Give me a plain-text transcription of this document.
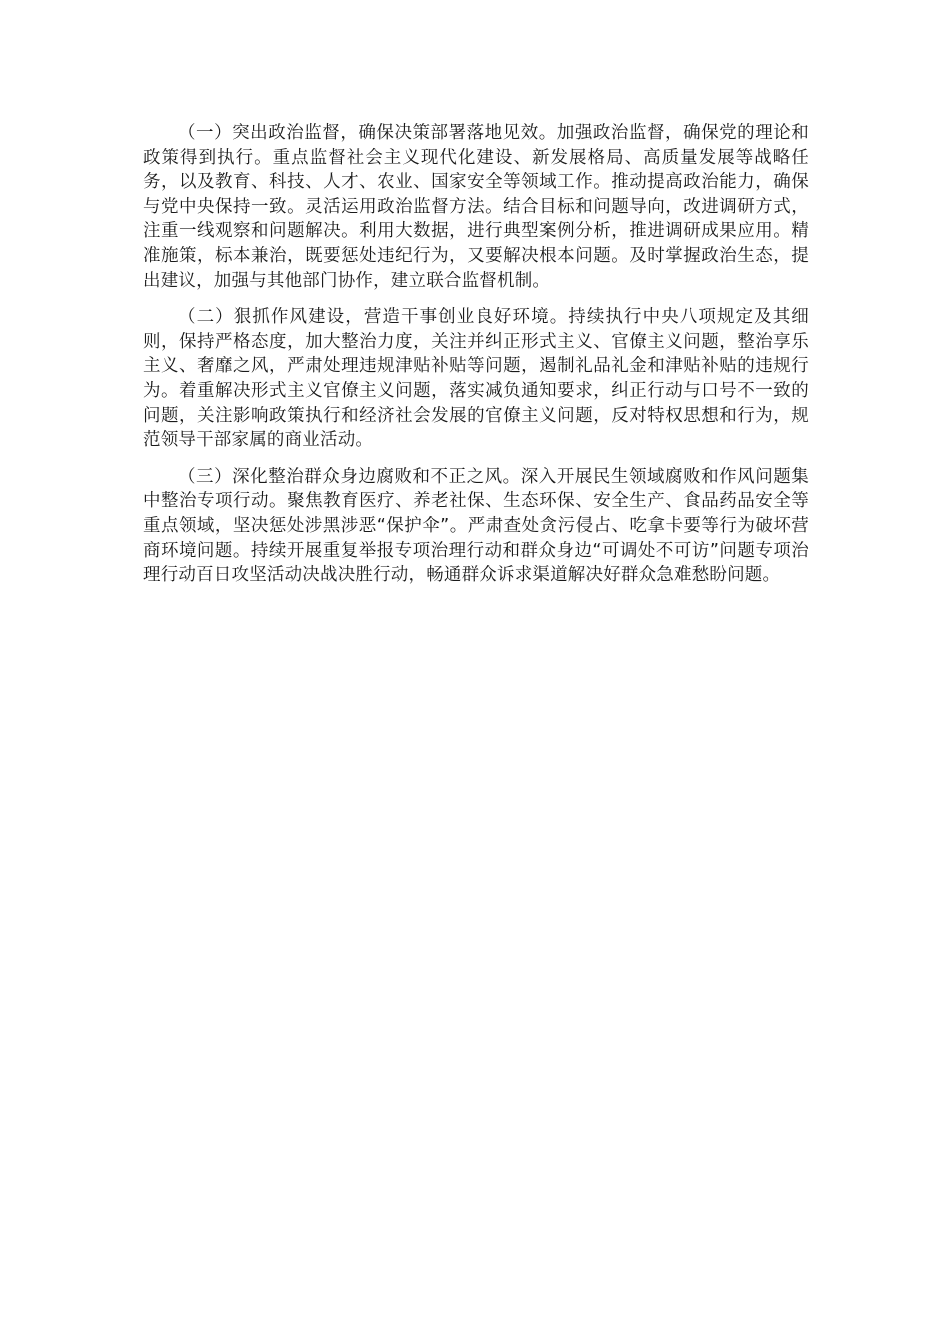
（一）突出政治监督，确保决策部署落地见效。加强政治监督，确保党的理论和政策得到执行。重点监督社会主义现代化建设、新发展格局、高质量发展等战略任务，以及教育、科技、人才、农业、国家安全等领域工作。推动提高政治能力，确保与党中央保持一致。灵活运用政治监督方法。结合目标和问题导向，改进调研方式，注重一线观察和问题解决。利用大数据，进行典型案例分析，推进调研成果应用。精准施策，标本兼治，既要惩处违纪行为，又要解决根本问题。及时掌握政治生态，提出建议，加强与其他部门协作，建立联合监督机制。

（二）狠抓作风建设，营造干事创业良好环境。持续执行中央八项规定及其细则，保持严格态度，加大整治力度，关注并纠正形式主义、官僚主义问题，整治享乐主义、奢靡之风，严肃处理违规津贴补贴等问题，遏制礼品礼金和津贴补贴的违规行为。着重解决形式主义官僚主义问题，落实减负通知要求，纠正行动与口号不一致的问题，关注影响政策执行和经济社会发展的官僚主义问题，反对特权思想和行为，规范领导干部家属的商业活动。

（三）深化整治群众身边腐败和不正之风。深入开展民生领域腐败和作风问题集中整治专项行动。聚焦教育医疗、养老社保、生态环保、安全生产、食品药品安全等重点领域，坚决惩处涉黑涉恶“保护伞”。严肃查处贪污侵占、吃拿卡要等行为破坏营商环境问题。持续开展重复举报专项治理行动和群众身边“可调处不可访”问题专项治理行动百日攻坚活动决战决胜行动，畅通群众诉求渠道解决好群众急难愁盼问题。
